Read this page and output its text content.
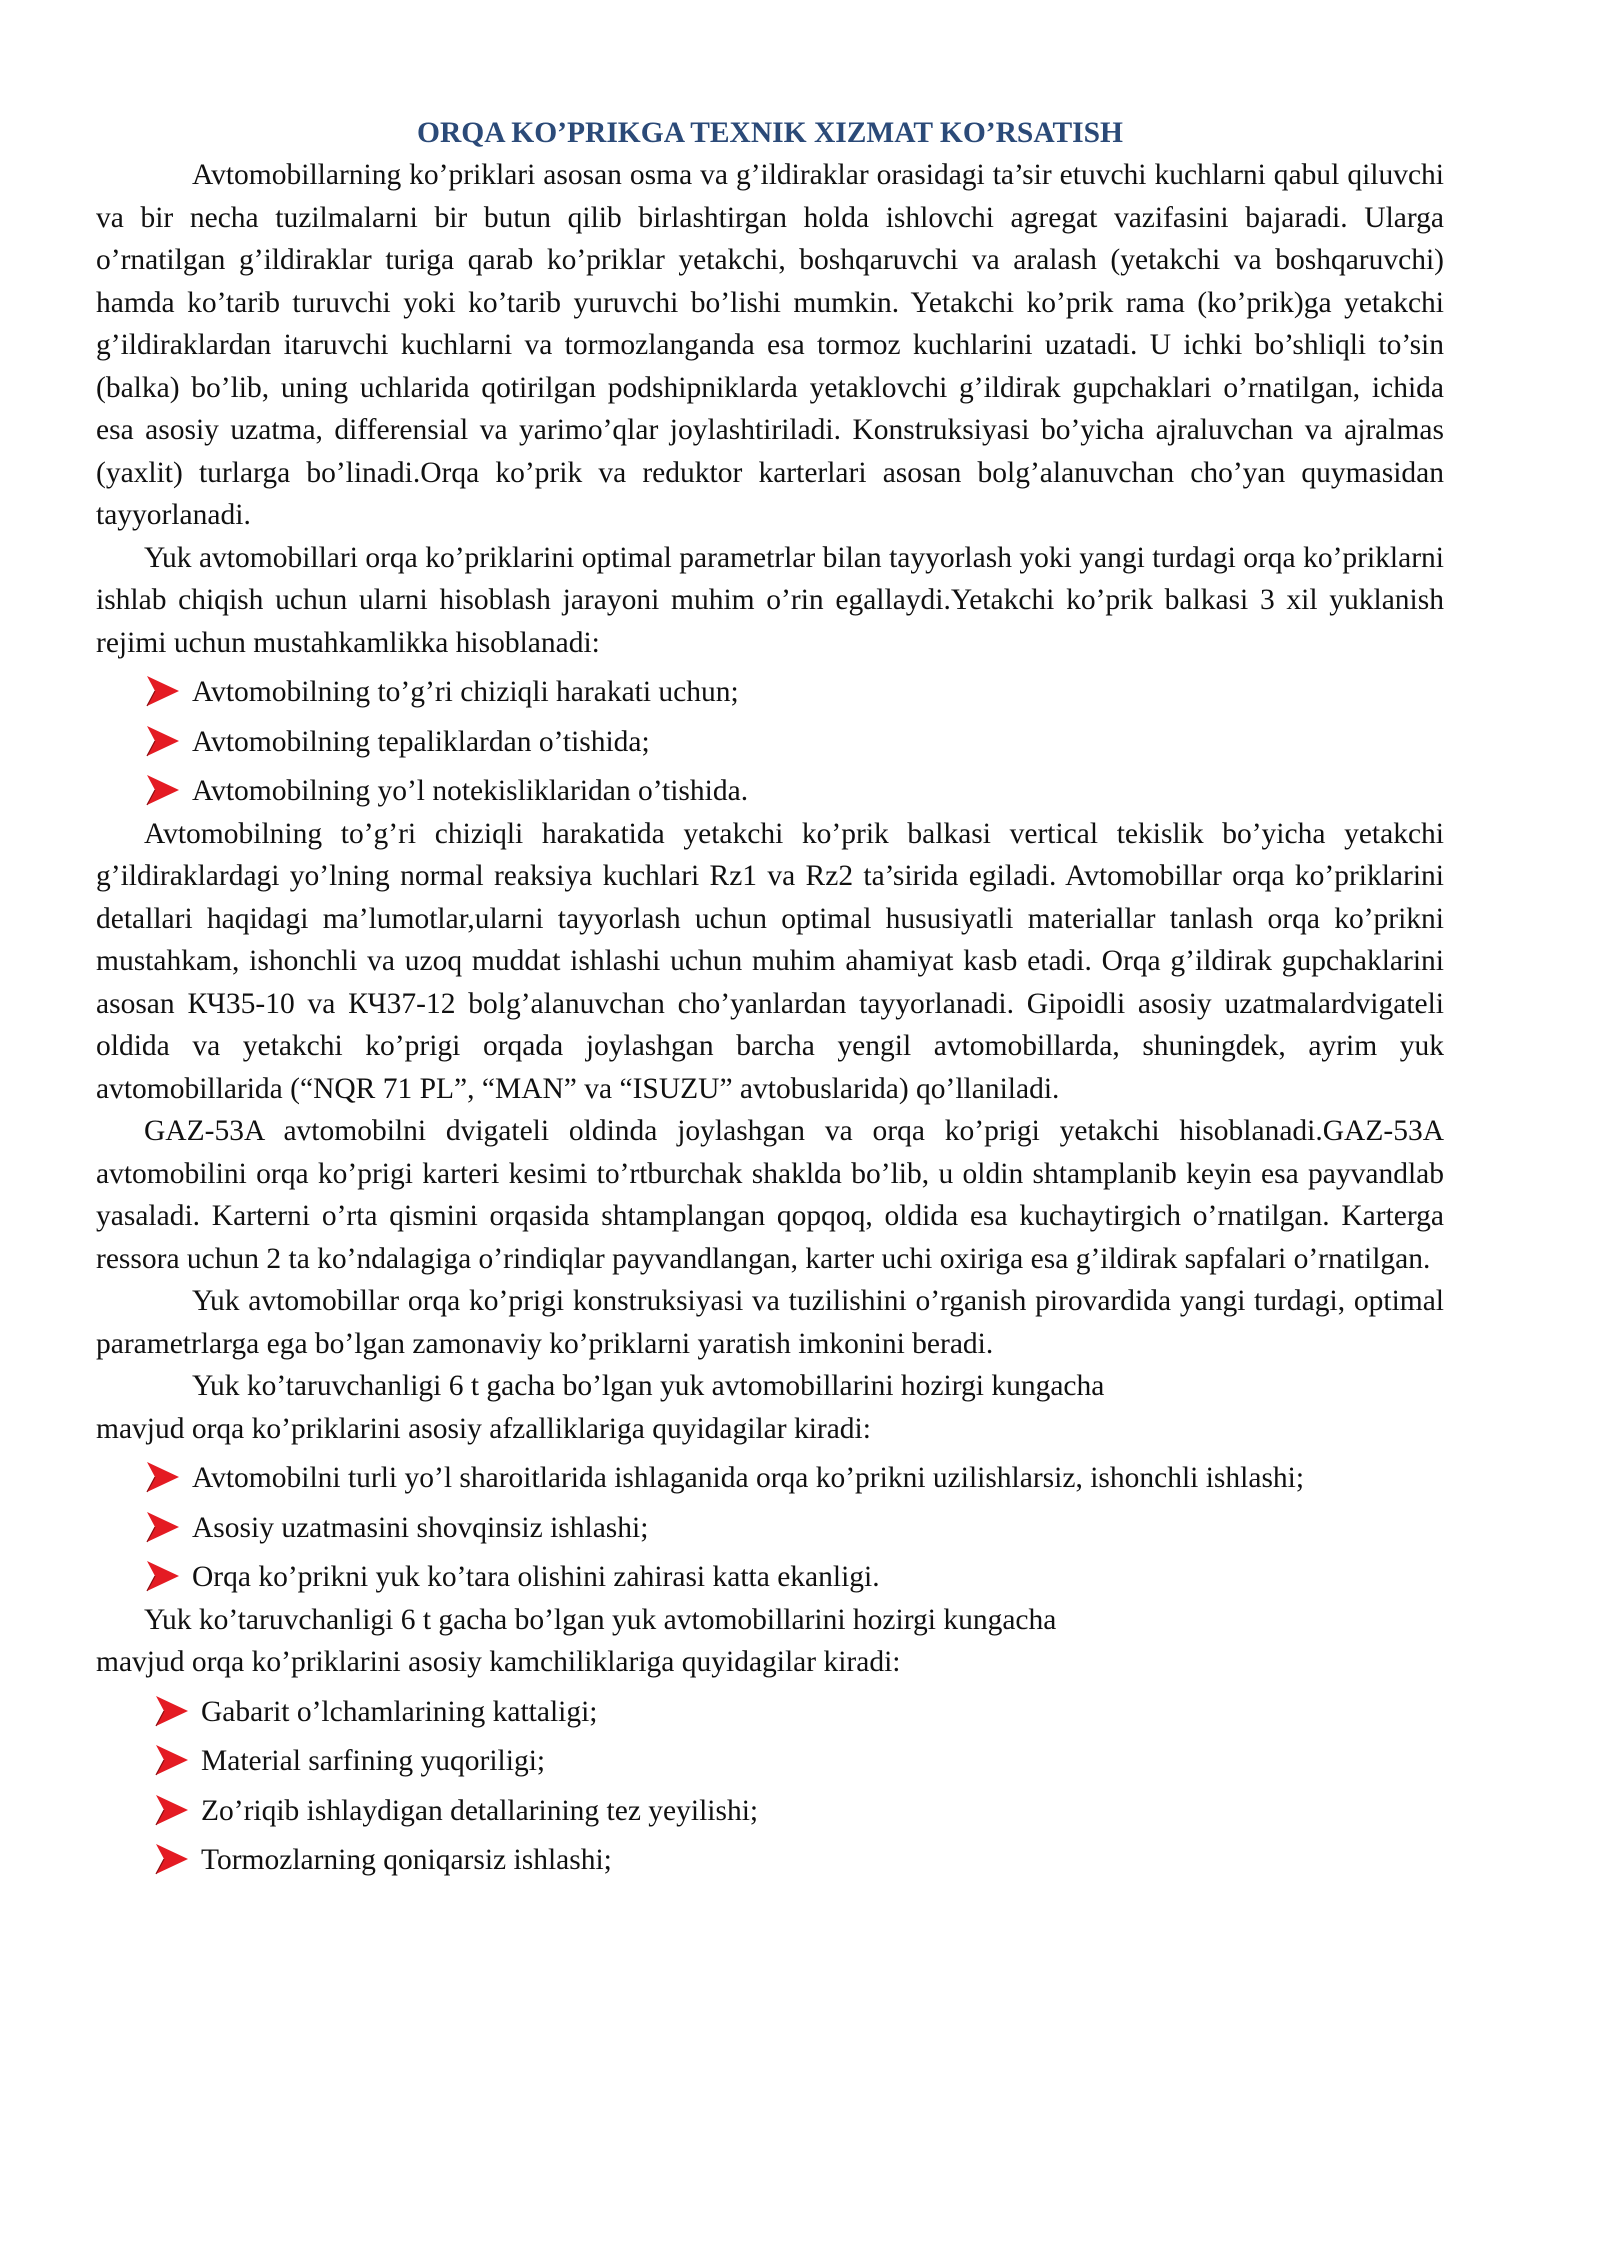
ORQA KO’PRIKGA TEXNIK XIZMAT KO’RSATISH

Avtomobillarning ko’priklari asosan osma va g’ildiraklar orasidagi ta’sir etuvchi kuchlarni qabul qiluvchi va bir necha tuzilmalarni bir butun qilib birlashtirgan holda ishlovchi agregat vazifasini bajaradi. Ularga o’rnatilgan g’ildiraklar turiga qarab ko’priklar yetakchi, boshqaruvchi va aralash (yetakchi va boshqaruvchi) hamda ko’tarib turuvchi yoki ko’tarib yuruvchi bo’lishi mumkin. Yetakchi ko’prik rama (ko’prik)ga yetakchi g’ildiraklardan itaruvchi kuchlarni va tormozlanganda esa tormoz kuchlarini uzatadi. U ichki bo’shliqli to’sin (balka) bo’lib, uning uchlarida qotirilgan podshipniklarda yetaklovchi g’ildirak gupchaklari o’rnatilgan, ichida esa asosiy uzatma, differensial va yarimo’qlar joylashtiriladi. Konstruksiyasi bo’yicha ajraluvchan va ajralmas (yaxlit) turlarga bo’linadi.Orqa ko’prik va reduktor karterlari asosan bolg’alanuvchan cho’yan quymasidan tayyorlanadi.

Yuk avtomobillari orqa ko’priklarini optimal parametrlar bilan tayyorlash yoki yangi turdagi orqa ko’priklarni ishlab chiqish uchun ularni hisoblash jarayoni muhim o’rin egallaydi.Yetakchi ko’prik balkasi 3 xil yuklanish rejimi uchun mustahkamlikka hisoblanadi:

Avtomobilning to’g’ri chiziqli harakati uchun;
Avtomobilning tepaliklardan o’tishida;
Avtomobilning yo’l notekisliklaridan o’tishida.

Avtomobilning to’g’ri chiziqli harakatida yetakchi ko’prik balkasi vertical tekislik bo’yicha yetakchi g’ildiraklardagi yo’lning normal reaksiya kuchlari Rz1 va Rz2 ta’sirida egiladi. Avtomobillar orqa ko’priklarini detallari haqidagi ma’lumotlar,ularni tayyorlash uchun optimal hususiyatli materiallar tanlash orqa ko’prikni mustahkam, ishonchli va uzoq muddat ishlashi uchun muhim ahamiyat kasb etadi. Orqa g’ildirak gupchaklarini asosan КЧ35-10 va КЧ37-12 bolg’alanuvchan cho’yanlardan tayyorlanadi. Gipoidli asosiy uzatmalardvigateli oldida va yetakchi ko’prigi orqada joylashgan barcha yengil avtomobillarda, shuningdek, ayrim yuk avtomobillarida (“NQR 71 PL”, “MAN” va “ISUZU” avtobuslarida) qo’llaniladi.

GAZ-53A avtomobilni dvigateli oldinda joylashgan va orqa ko’prigi yetakchi hisoblanadi.GAZ-53A avtomobilini orqa ko’prigi karteri kesimi to’rtburchak shaklda bo’lib, u oldin shtamplanib keyin esa payvandlab yasaladi. Karterni o’rta qismini orqasida shtamplangan qopqoq, oldida esa kuchaytirgich o’rnatilgan. Karterga ressora uchun 2 ta ko’ndalagiga o’rindiqlar payvandlangan, karter uchi oxiriga esa g’ildirak sapfalari o’rnatilgan.

Yuk avtomobillar orqa ko’prigi konstruksiyasi va tuzilishini o’rganish pirovardida yangi turdagi, optimal parametrlarga ega bo’lgan zamonaviy ko’priklarni yaratish imkonini beradi.

Yuk ko’taruvchanligi 6 t gacha bo’lgan yuk avtomobillarini hozirgi kungacha

mavjud orqa ko’priklarini asosiy afzalliklariga quyidagilar kiradi:

Avtomobilni turli yo’l sharoitlarida ishlaganida orqa ko’prikni uzilishlarsiz, ishonchli ishlashi;
Asosiy uzatmasini shovqinsiz ishlashi;
Orqa ko’prikni yuk ko’tara olishini zahirasi katta ekanligi.

Yuk ko’taruvchanligi 6 t gacha bo’lgan yuk avtomobillarini hozirgi kungacha

mavjud orqa ko’priklarini asosiy kamchiliklariga quyidagilar kiradi:

Gabarit o’lchamlarining kattaligi;
Material sarfining yuqoriligi;
Zo’riqib ishlaydigan detallarining tez yeyilishi;
Tormozlarning qoniqarsiz ishlashi;
